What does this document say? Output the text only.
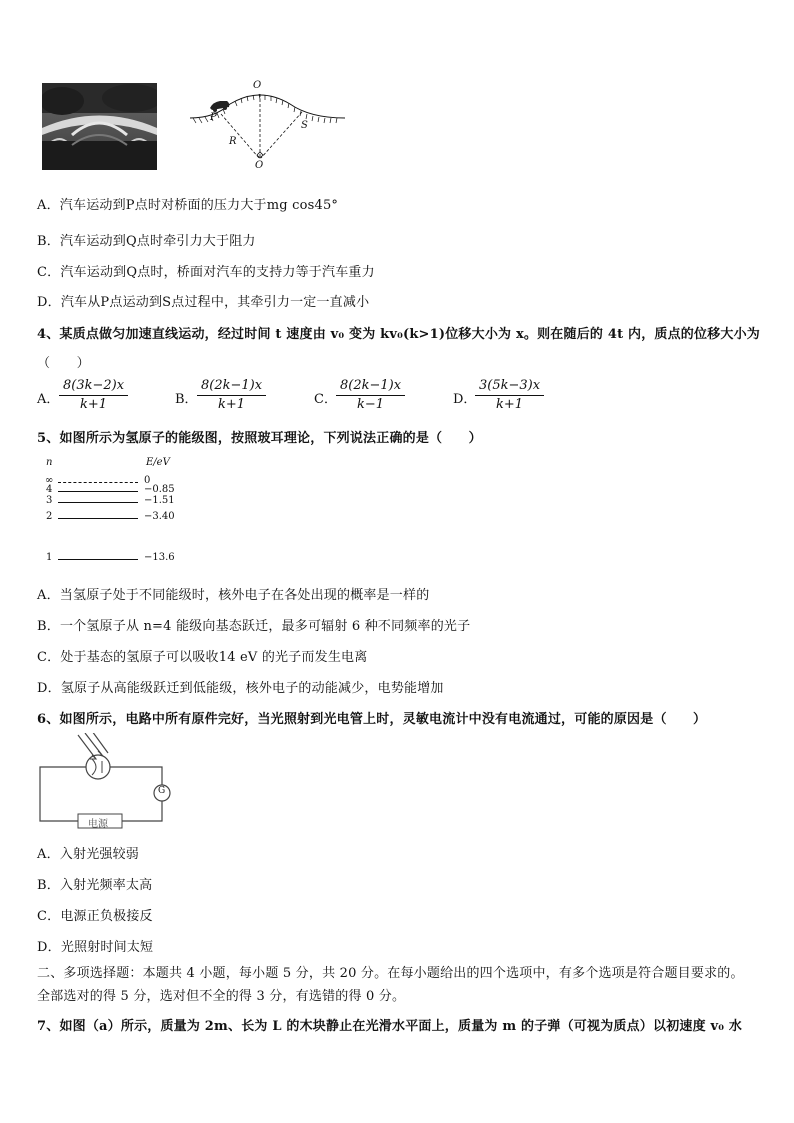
O
P
R
S
O
A．汽车运动到P点时对桥面的压力大于mg cos45°
B．汽车运动到Q点时牵引力大于阻力
C．汽车运动到Q点时，桥面对汽车的支持力等于汽车重力
D．汽车从P点运动到S点过程中，其牵引力一定一直减小
4、某质点做匀加速直线运动，经过时间 t 速度由 v₀ 变为 kv₀(k>1)位移大小为 x。则在随后的 4t 内，质点的位移大小为
（　　）
A． $\frac{8(3k-2)x}{k+1}$	B． $\frac{8(2k-1)x}{k+1}$	C． $\frac{8(2k-1)x}{k-1}$	D．
$\frac{3(5k-3)x}{k+1}$
5、如图所示为氢原子的能级图，按照玻耳理论，下列说法正确的是（　　）
n	E/eV
∞	0
4	−0.85
3	−1.51
2	−3.40
1	−13.6
A．当氢原子处于不同能级时，核外电子在各处出现的概率是一样的
B．一个氢原子从 n=4 能级向基态跃迁，最多可辐射 6 种不同频率的光子
C．处于基态的氢原子可以吸收14 eV 的光子而发生电离
D．氢原子从高能级跃迁到低能级，核外电子的动能减少，电势能增加
6、如图所示，电路中所有原件完好，当光照射到光电管上时，灵敏电流计中没有电流通过，可能的原因是（　　）
G
电源
A．入射光强较弱
B．入射光频率太高
C．电源正负极接反
D．光照射时间太短
二、多项选择题：本题共 4 小题，每小题 5 分，共 20 分。在每小题给出的四个选项中，有多个选项是符合题目要求的。
全部选对的得 5 分，选对但不全的得 3 分，有选错的得 0 分。
7、如图（a）所示，质量为 2m、长为 L 的木块静止在光滑水平面上，质量为 m 的子弹（可视为质点）以初速度 v₀ 水
